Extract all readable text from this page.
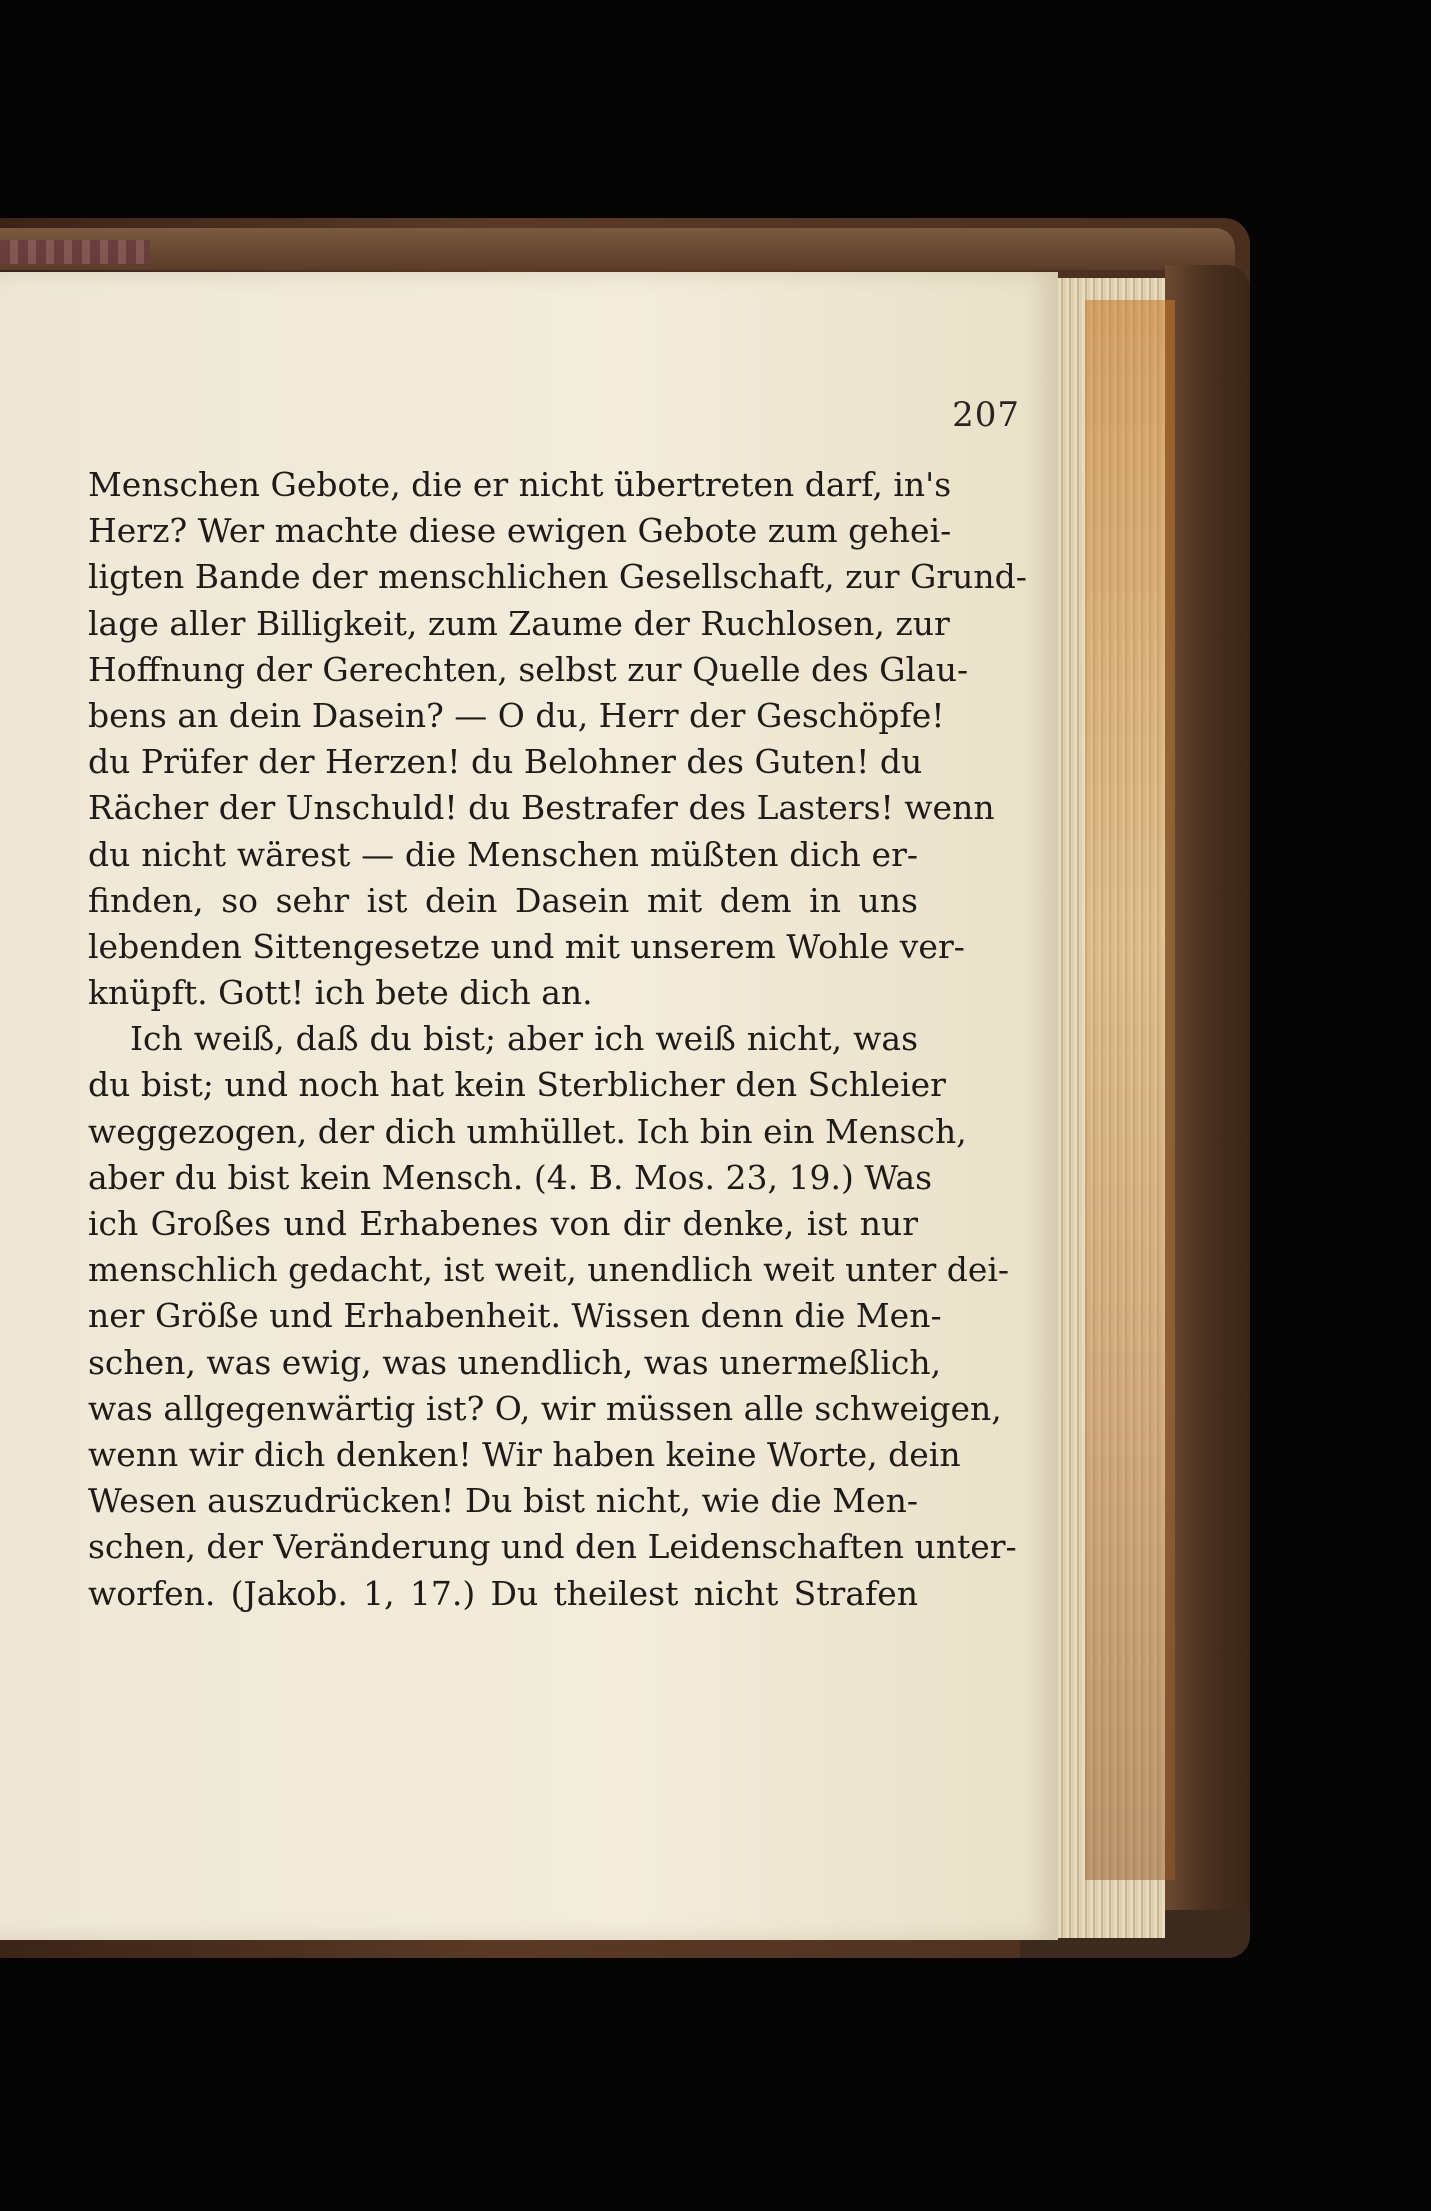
207
Menschen Gebote, die er nicht übertreten darf, in's
Herz? Wer machte diese ewigen Gebote zum gehei-
ligten Bande der menschlichen Gesellschaft, zur Grund-
lage aller Billigkeit, zum Zaume der Ruchlosen, zur
Hoffnung der Gerechten, selbst zur Quelle des Glau-
bens an dein Dasein? — O du, Herr der Geschöpfe!
du Prüfer der Herzen! du Belohner des Guten! du
Rächer der Unschuld! du Bestrafer des Lasters! wenn
du nicht wärest — die Menschen müßten dich er-
finden, so sehr ist dein Dasein mit dem in uns
lebenden Sittengesetze und mit unserem Wohle ver-
knüpft. Gott! ich bete dich an.
Ich weiß, daß du bist; aber ich weiß nicht, was
du bist; und noch hat kein Sterblicher den Schleier
weggezogen, der dich umhüllet. Ich bin ein Mensch,
aber du bist kein Mensch. (4. B. Mos. 23, 19.) Was
ich Großes und Erhabenes von dir denke, ist nur
menschlich gedacht, ist weit, unendlich weit unter dei-
ner Größe und Erhabenheit. Wissen denn die Men-
schen, was ewig, was unendlich, was unermeßlich,
was allgegenwärtig ist? O, wir müssen alle schweigen,
wenn wir dich denken! Wir haben keine Worte, dein
Wesen auszudrücken! Du bist nicht, wie die Men-
schen, der Veränderung und den Leidenschaften unter-
worfen. (Jakob. 1, 17.) Du theilest nicht Strafen
